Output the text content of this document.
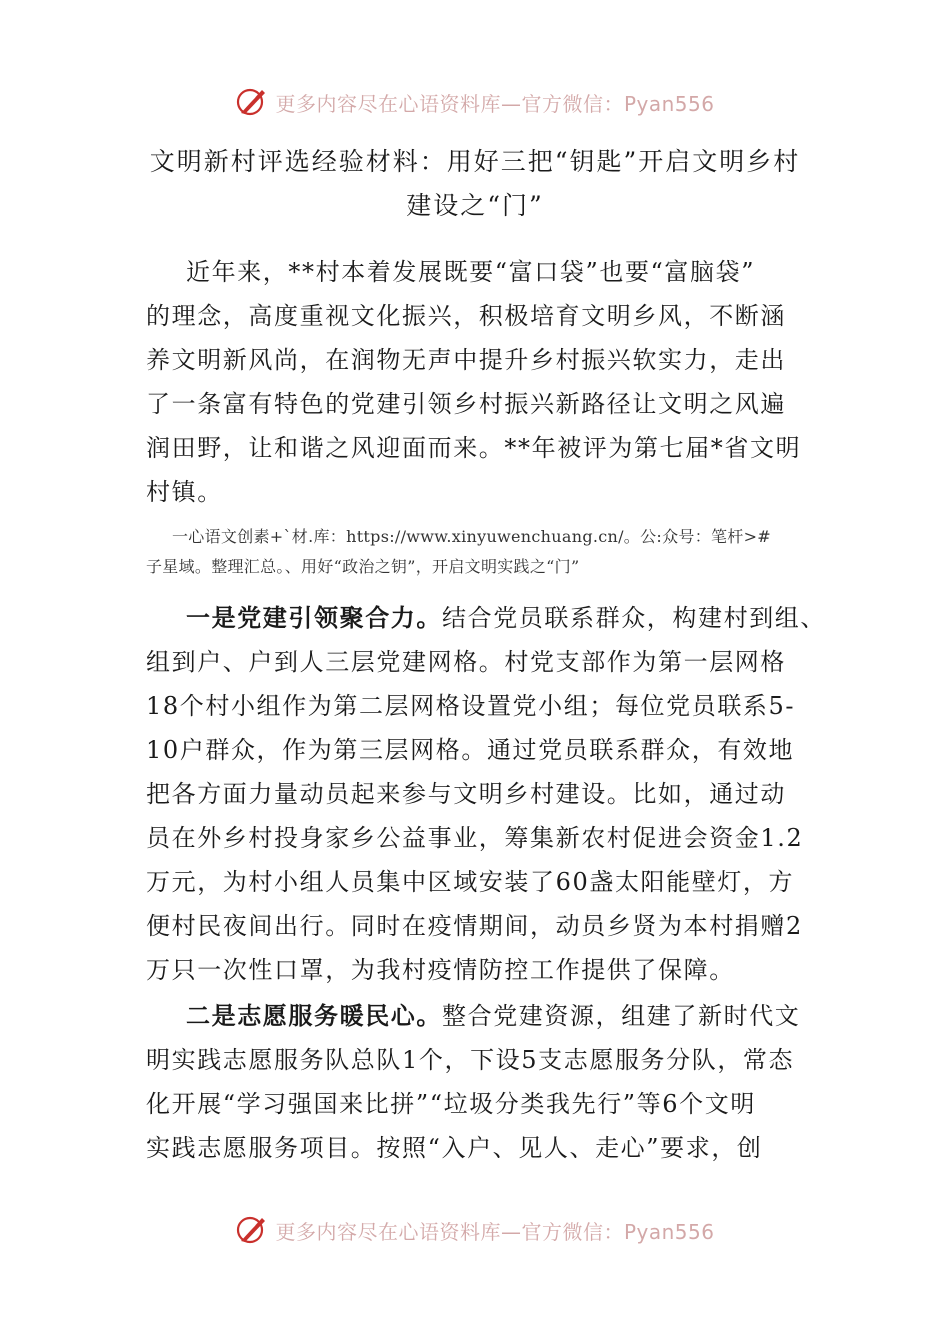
更多内容尽在心语资料库—官方微信：Pyan556
文明新村评选经验材料：用好三把“钥匙”开启文明乡村
建设之“门”
近年来，**村本着发展既要“富口袋”也要“富脑袋”
的理念，高度重视文化振兴，积极培育文明乡风，不断涵
养文明新风尚，在润物无声中提升乡村振兴软实力，走出
了一条富有特色的党建引领乡村振兴新路径让文明之风遍
润田野，让和谐之风迎面而来。**年被评为第七届*省文明
村镇。
一心语文创素+`材.库：https://www.xinyuwenchuang.cn/。公:众号：笔杆>#
子星域。整理汇总。、用好“政治之钥”，开启文明实践之“门”
一是党建引领聚合力。结合党员联系群众，构建村到组、
组到户、户到人三层党建网格。村党支部作为第一层网格
18个村小组作为第二层网格设置党小组；每位党员联系5-
10户群众，作为第三层网格。通过党员联系群众，有效地
把各方面力量动员起来参与文明乡村建设。比如，通过动
员在外乡村投身家乡公益事业，筹集新农村促进会资金1.2
万元，为村小组人员集中区域安装了60盏太阳能壁灯，方
便村民夜间出行。同时在疫情期间，动员乡贤为本村捐赠2
万只一次性口罩，为我村疫情防控工作提供了保障。
二是志愿服务暖民心。整合党建资源，组建了新时代文
明实践志愿服务队总队1个，下设5支志愿服务分队，常态
化开展“学习强国来比拼”“垃圾分类我先行”等6个文明
实践志愿服务项目。按照“入户、见人、走心”要求，创
更多内容尽在心语资料库—官方微信：Pyan556
